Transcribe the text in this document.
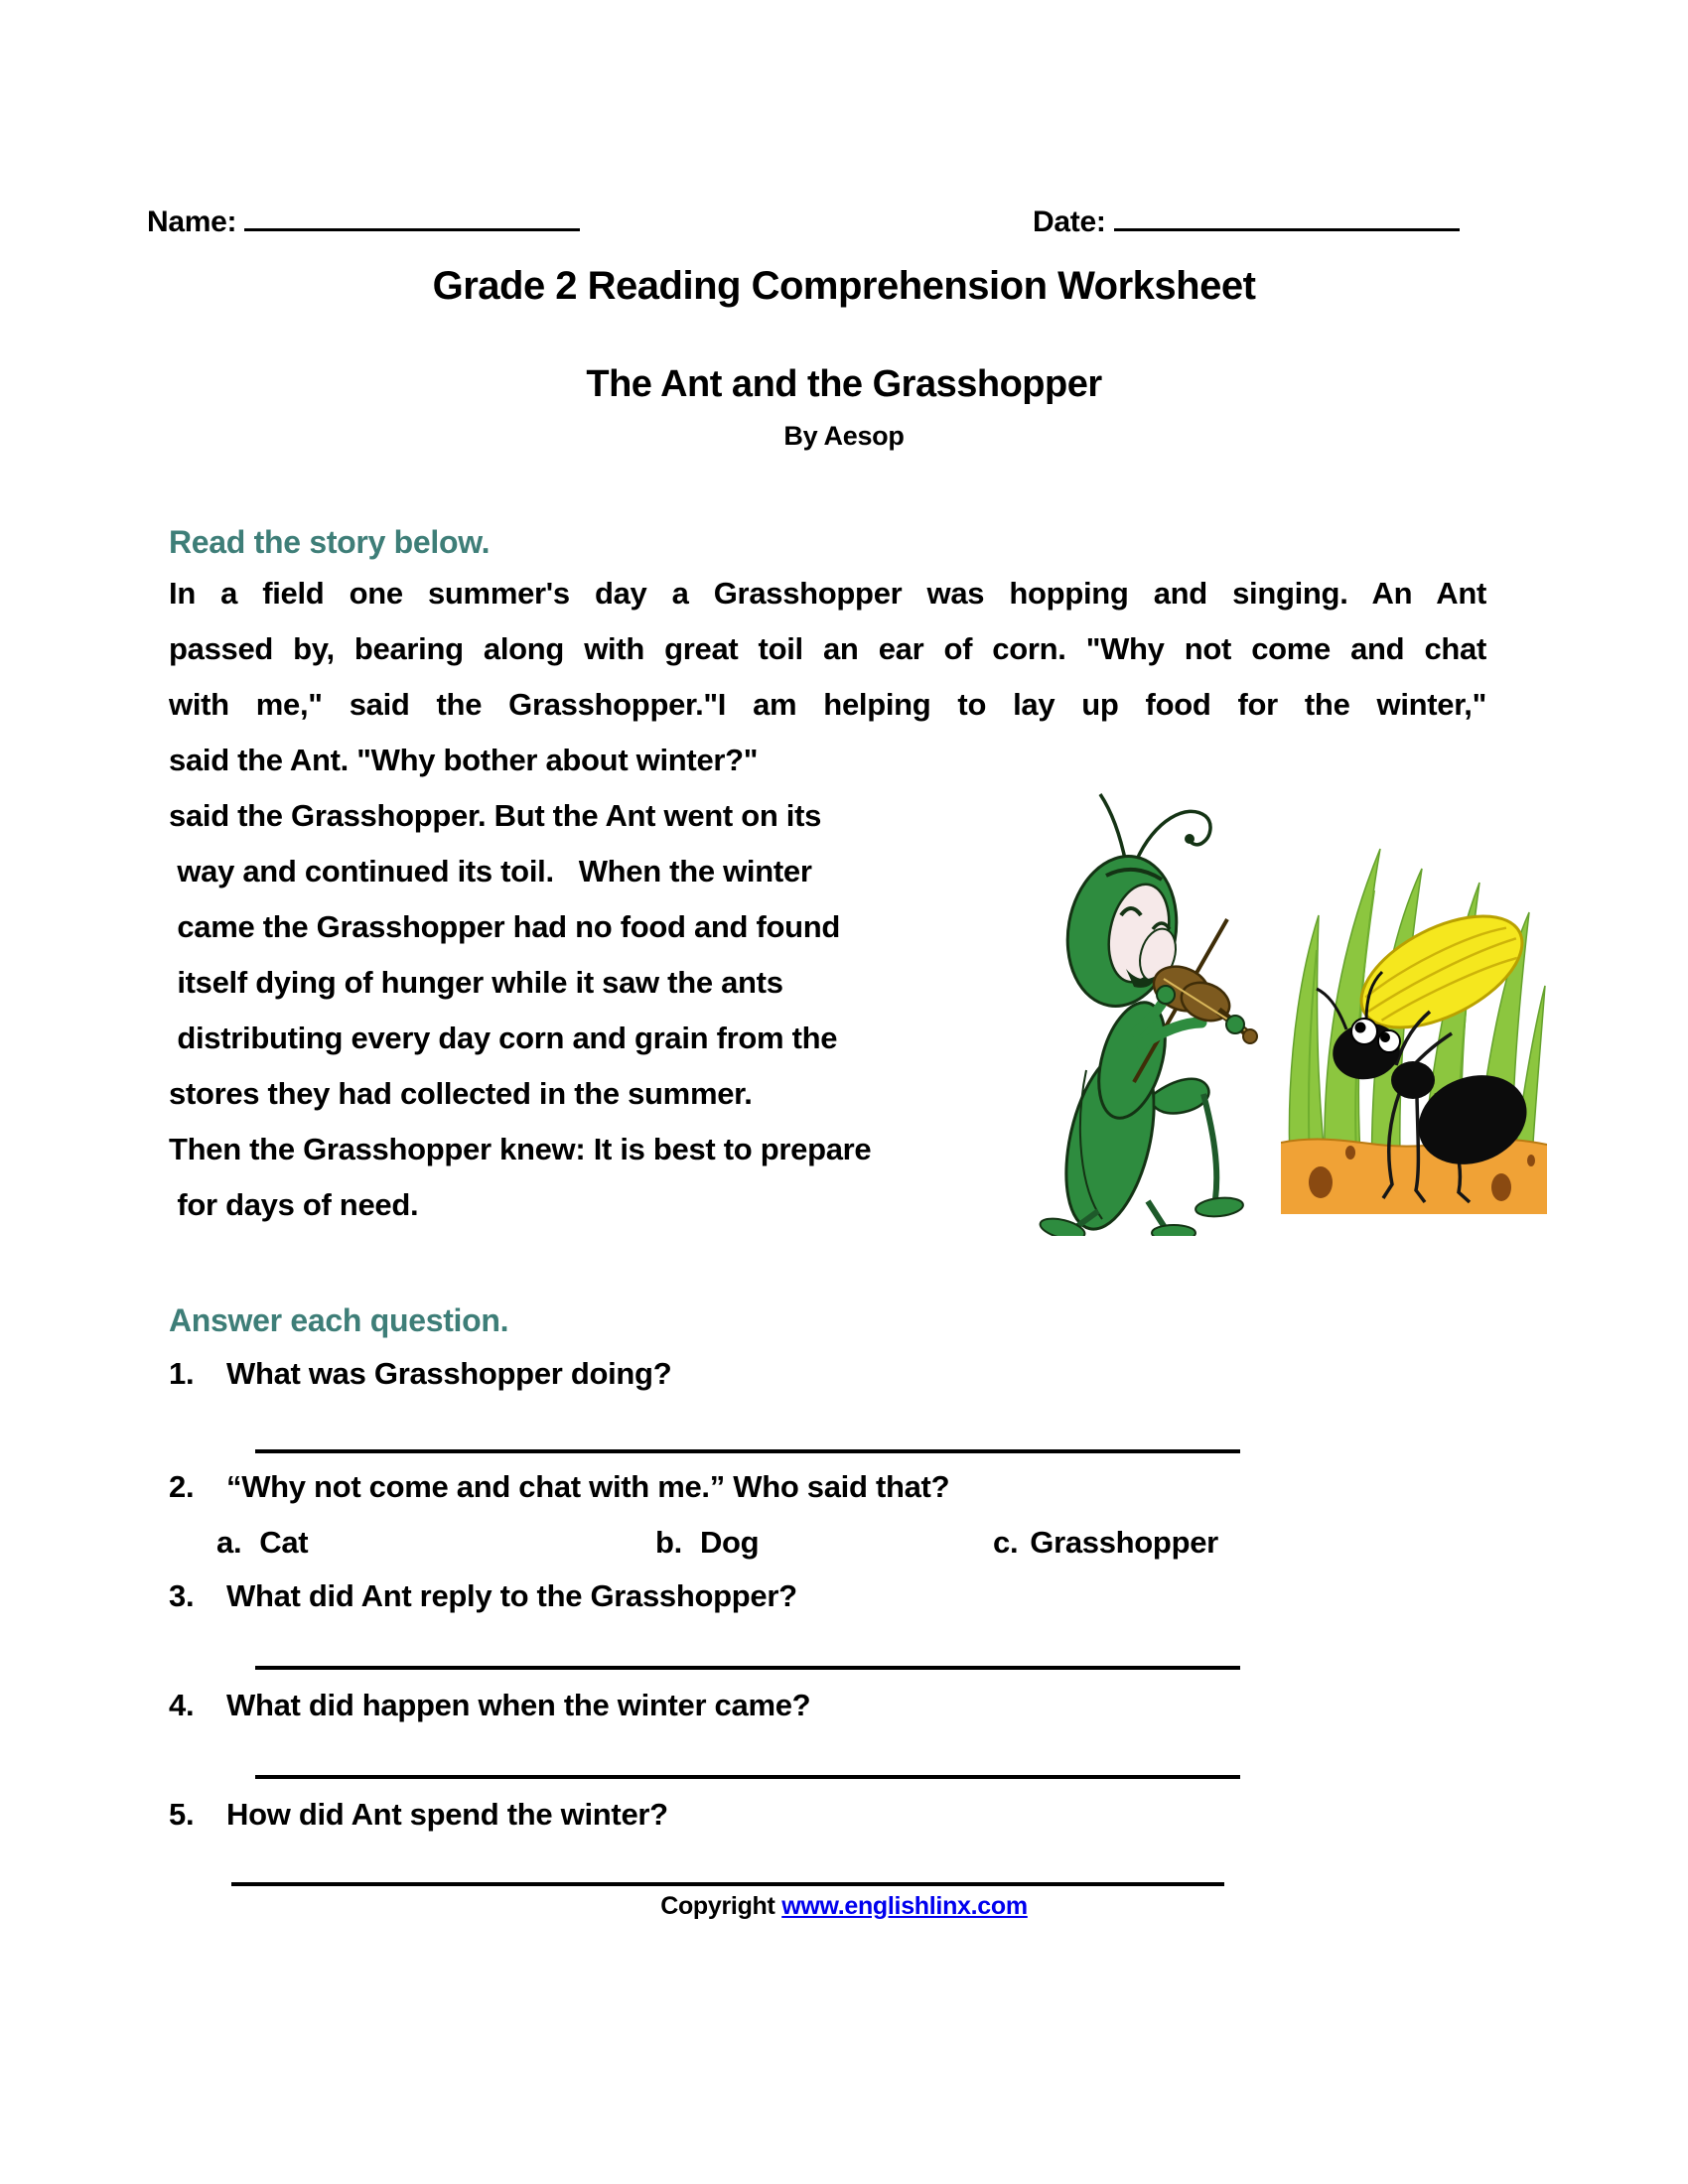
Name:	Date:
Grade 2 Reading Comprehension Worksheet
The Ant and the Grasshopper
By Aesop
Read the story below.
In a field one summer's day a Grasshopper was hopping and singing. An Ant
passed by, bearing along with great toil an ear of corn. "Why not come and chat
with me," said the Grasshopper."I am helping to lay up food for the winter,"
said the Ant. "Why bother about winter?"
said the Grasshopper. But the Ant went on its
way and continued its toil.   When the winter
came the Grasshopper had no food and found
itself dying of hunger while it saw the ants
distributing every day corn and grain from the
stores they had collected in the summer.
Then the Grasshopper knew: It is best to prepare
for days of need.
Answer each question.
1.	What was Grasshopper doing?
2.	“Why not come and chat with me.” Who said that?
a. Cat	b. Dog	c. Grasshopper
3.	What did Ant reply to the Grasshopper?
4.	What did happen when the winter came?
5.	How did Ant spend the winter?
Copyright www.englishlinx.com
